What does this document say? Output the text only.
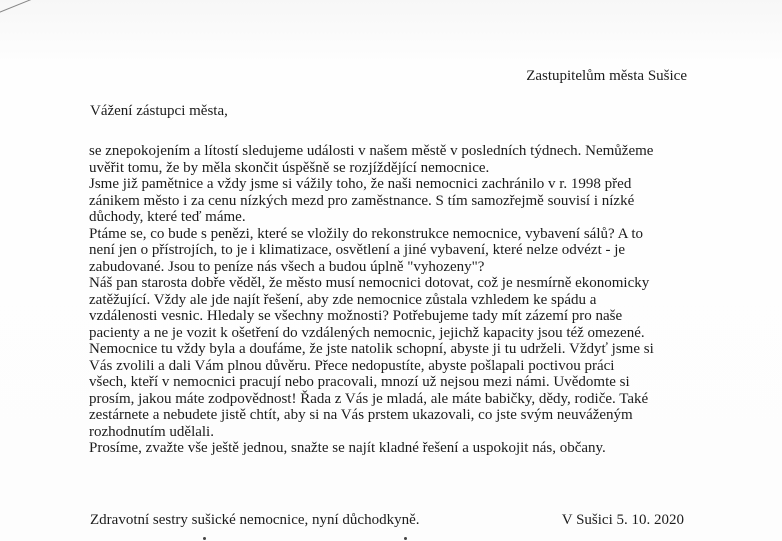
Zastupitelům města Sušice
Vážení zástupci města,
se znepokojením a lítostí sledujeme události v našem městě v posledních týdnech. Nemůžeme
uvěřit tomu, že by měla skončit úspěšně se rozjíždějící nemocnice.
Jsme již pamětnice a vždy jsme si vážily toho, že naši nemocnici zachránilo v r. 1998 před
zánikem město i za cenu nízkých mezd pro zaměstnance. S tím samozřejmě souvisí i nízké
důchody, které teď máme.
Ptáme se, co bude s penězi, které se vložily do rekonstrukce nemocnice, vybavení sálů? A to
není jen o přístrojích, to je i klimatizace, osvětlení a jiné vybavení, které nelze odvézt - je
zabudované. Jsou to peníze nás všech a budou úplně "vyhozeny"?
Náš pan starosta dobře věděl, že město musí nemocnici dotovat, což je nesmírně ekonomicky
zatěžující. Vždy ale jde najít řešení, aby zde nemocnice zůstala vzhledem ke spádu a
vzdálenosti vesnic. Hledaly se všechny možnosti? Potřebujeme tady mít zázemí pro naše
pacienty a ne je vozit k ošetření do vzdálených nemocnic, jejichž kapacity jsou též omezené.
Nemocnice tu vždy byla a doufáme, že jste natolik schopní, abyste ji tu udrželi. Vždyť jsme si
Vás zvolili a dali Vám plnou důvěru. Přece nedopustíte, abyste pošlapali poctivou práci
všech, kteří v nemocnici pracují nebo pracovali, mnozí už nejsou mezi námi. Uvědomte si
prosím, jakou máte zodpovědnost! Řada z Vás je mladá, ale máte babičky, dědy, rodiče. Také
zestárnete a nebudete jistě chtít, aby si na Vás prstem ukazovali, co jste svým neuváženým
rozhodnutím udělali.
Prosíme, zvažte vše ještě jednou, snažte se najít kladné řešení a uspokojit nás, občany.
Zdravotní sestry sušické nemocnice, nyní důchodkyně.	V Sušici 5. 10. 2020
